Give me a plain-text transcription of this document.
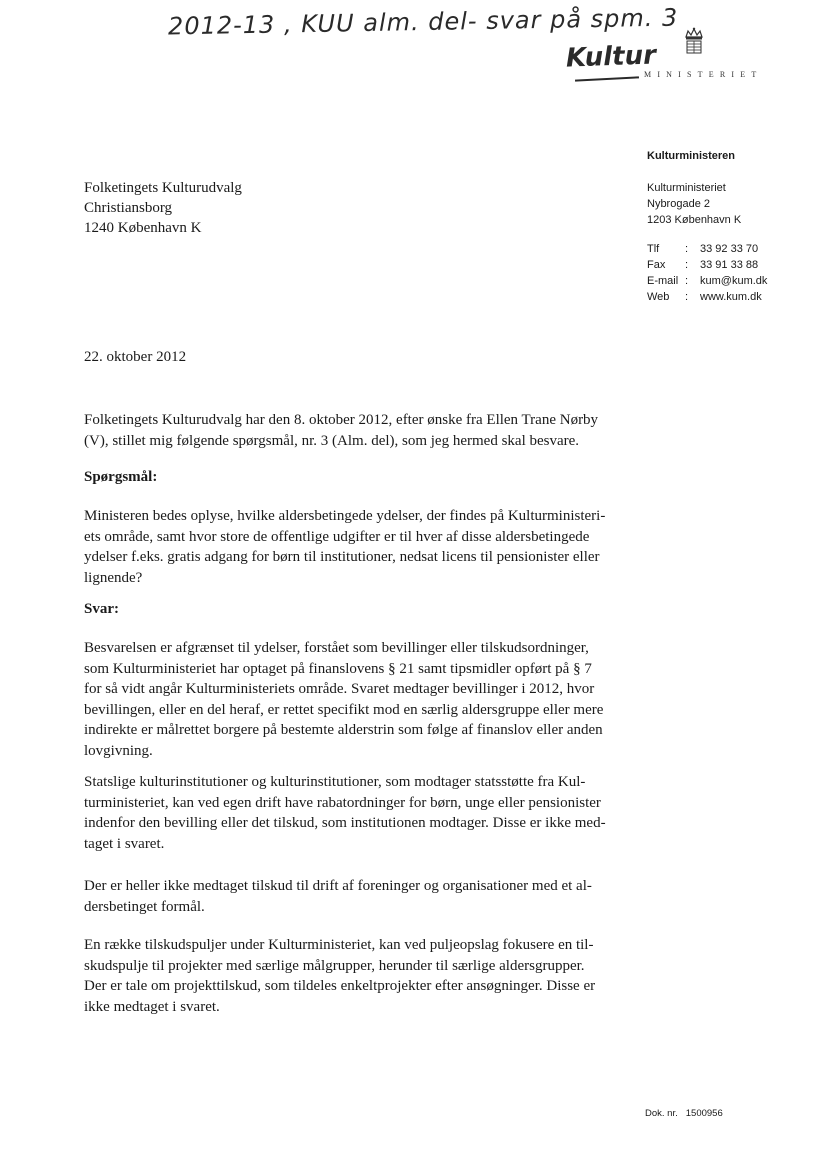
2012-13 , KUU alm. del- svar på spm. 3
Kultur
MINISTERIET
Kulturministeren
Kulturministeriet
Nybrogade 2
1203 København K
Tlf : 33 92 33 70
Fax : 33 91 33 88
E-mail : kum@kum.dk
Web : www.kum.dk
Folketingets Kulturudvalg
Christiansborg
1240 København K
22. oktober 2012
Folketingets Kulturudvalg har den 8. oktober 2012, efter ønske fra Ellen Trane Nørby
(V), stillet mig følgende spørgsmål, nr. 3 (Alm. del), som jeg hermed skal besvare.
Spørgsmål:
Ministeren bedes oplyse, hvilke aldersbetingede ydelser, der findes på Kulturministeri-
ets område, samt hvor store de offentlige udgifter er til hver af disse aldersbetingede
ydelser f.eks. gratis adgang for børn til institutioner, nedsat licens til pensionister eller
lignende?
Svar:
Besvarelsen er afgrænset til ydelser, forstået som bevillinger eller tilskudsordninger,
som Kulturministeriet har optaget på finanslovens § 21 samt tipsmidler opført på § 7
for så vidt angår Kulturministeriets område. Svaret medtager bevillinger i 2012, hvor
bevillingen, eller en del heraf, er rettet specifikt mod en særlig aldersgruppe eller mere
indirekte er målrettet borgere på bestemte alderstrin som følge af finanslov eller anden
lovgivning.
Statslige kulturinstitutioner og kulturinstitutioner, som modtager statsstøtte fra Kul-
turministeriet, kan ved egen drift have rabatordninger for børn, unge eller pensionister
indenfor den bevilling eller det tilskud, som institutionen modtager. Disse er ikke med-
taget i svaret.
Der er heller ikke medtaget tilskud til drift af foreninger og organisationer med et al-
dersbetinget formål.
En række tilskudspuljer under Kulturministeriet, kan ved puljeopslag fokusere en til-
skudspulje til projekter med særlige målgrupper, herunder til særlige aldersgrupper.
Der er tale om projekttilskud, som tildeles enkeltprojekter efter ansøgninger. Disse er
ikke medtaget i svaret.
Dok. nr. 1500956
